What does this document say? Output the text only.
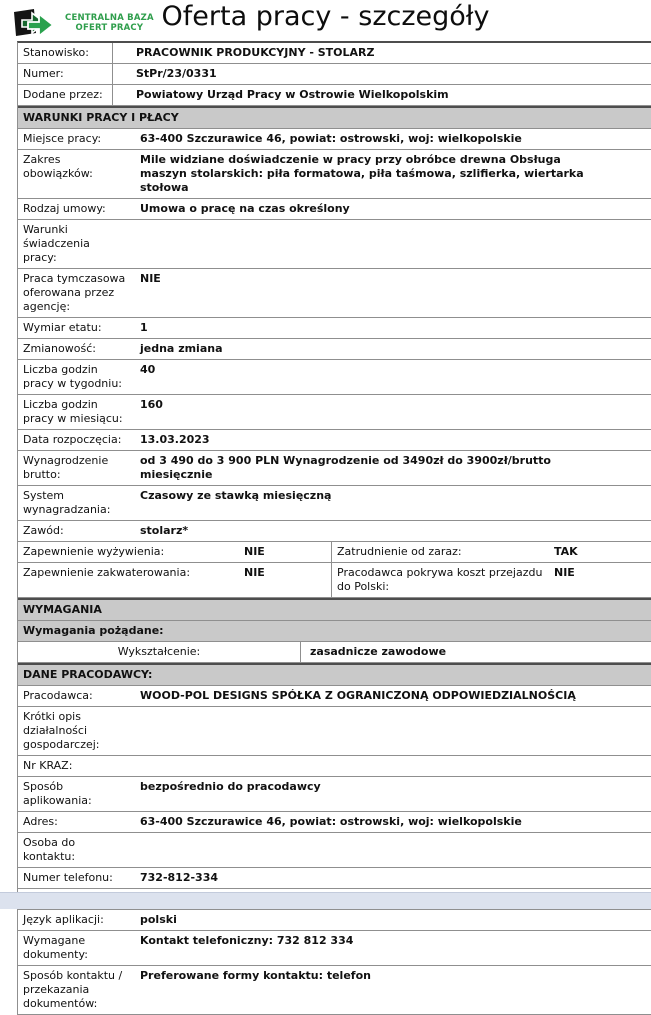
CENTRALNA BAZA
OFERT PRACY Oferta pracy - szczegóły
Stanowisko:	PRACOWNIK PRODUKCYJNY - STOLARZ
Numer:	StPr/23/0331
Dodane przez:	Powiatowy Urząd Pracy w Ostrowie Wielkopolskim
WARUNKI PRACY I PŁACY
Miejsce pracy:	63-400 Szczurawice 46, powiat: ostrowski, woj: wielkopolskie
Zakres obowiązków:
Mile widziane doświadczenie w pracy przy obróbce drewna Obsługa maszyn stolarskich: piła formatowa, piła taśmowa, szlifierka, wiertarka stołowa
Rodzaj umowy:	Umowa o pracę na czas określony
Warunki świadczenia pracy:
Praca tymczasowa oferowana przez agencję:
NIE
Wymiar etatu:	1
Zmianowość:	jedna zmiana
Liczba godzin pracy w tygodniu:
40
Liczba godzin pracy w miesiącu:
160
Data rozpoczęcia:	13.03.2023
Wynagrodzenie brutto:
od 3 490 do 3 900 PLN Wynagrodzenie od 3490zł do 3900zł/brutto miesięcznie
System wynagradzania:
Czasowy ze stawką miesięczną
Zawód:	stolarz*
Zapewnienie wyżywienia:	NIE	Zatrudnienie od zaraz:	TAK
Zapewnienie zakwaterowania:	NIE	Pracodawca pokrywa koszt przejazdu do Polski:
NIE
WYMAGANIA
Wymagania pożądane:
Wykształcenie:	zasadnicze zawodowe
DANE PRACODAWCY:
Pracodawca:	WOOD-POL DESIGNS SPÓŁKA Z OGRANICZONĄ ODPOWIEDZIALNOŚCIĄ
Krótki opis działalności gospodarczej:
Nr KRAZ:
Sposób aplikowania:
bezpośrednio do pracodawcy
Adres:	63-400 Szczurawice 46, powiat: ostrowski, woj: wielkopolskie
Osoba do kontaktu:
Numer telefonu:	732-812-334
Język aplikacji:	polski
Wymagane dokumenty:
Kontakt telefoniczny: 732 812 334
Sposób kontaktu / przekazania dokumentów:
Preferowane formy kontaktu: telefon
